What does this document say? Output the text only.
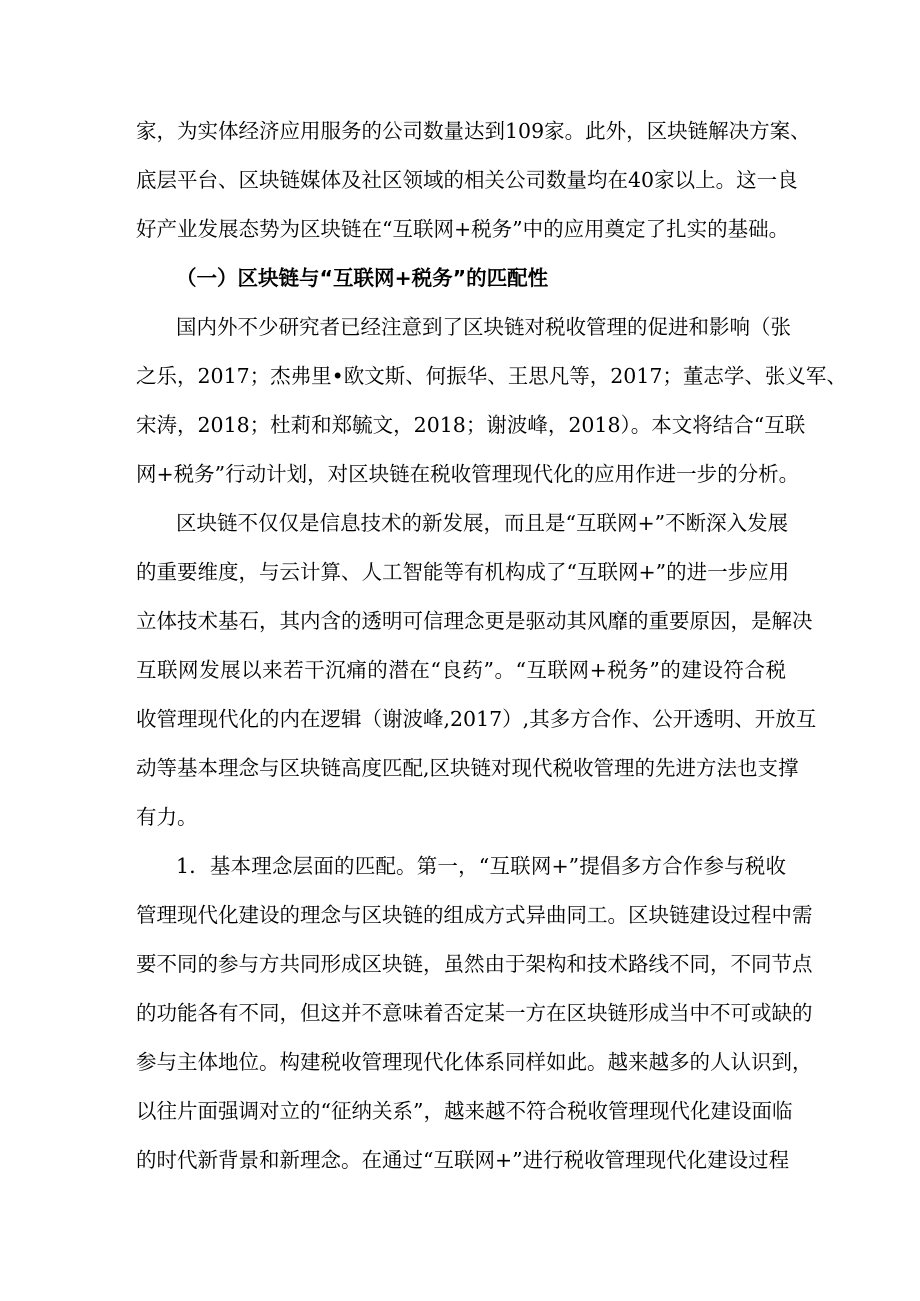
家，为实体经济应用服务的公司数量达到109家。此外，区块链解决方案、
底层平台、区块链媒体及社区领域的相关公司数量均在40家以上。这一良
好产业发展态势为区块链在“互联网+税务”中的应用奠定了扎实的基础。
（一）区块链与“互联网+税务”的匹配性
国内外不少研究者已经注意到了区块链对税收管理的促进和影响（张
之乐，2017；杰弗里•欧文斯、何振华、王思凡等，2017；董志学、张义军、
宋涛，2018；杜莉和郑毓文，2018；谢波峰，2018）。本文将结合“互联
网+税务”行动计划，对区块链在税收管理现代化的应用作进一步的分析。
区块链不仅仅是信息技术的新发展，而且是“互联网+”不断深入发展
的重要维度，与云计算、人工智能等有机构成了“互联网+”的进一步应用
立体技术基石，其内含的透明可信理念更是驱动其风靡的重要原因，是解决
互联网发展以来若干沉痛的潜在“良药”。“互联网+税务”的建设符合税
收管理现代化的内在逻辑（谢波峰,2017）,其多方合作、公开透明、开放互
动等基本理念与区块链高度匹配,区块链对现代税收管理的先进方法也支撑
有力。
1．基本理念层面的匹配。第一，“互联网+”提倡多方合作参与税收
管理现代化建设的理念与区块链的组成方式异曲同工。区块链建设过程中需
要不同的参与方共同形成区块链，虽然由于架构和技术路线不同，不同节点
的功能各有不同，但这并不意味着否定某一方在区块链形成当中不可或缺的
参与主体地位。构建税收管理现代化体系同样如此。越来越多的人认识到，
以往片面强调对立的“征纳关系”，越来越不符合税收管理现代化建设面临
的时代新背景和新理念。在通过“互联网+”进行税收管理现代化建设过程
